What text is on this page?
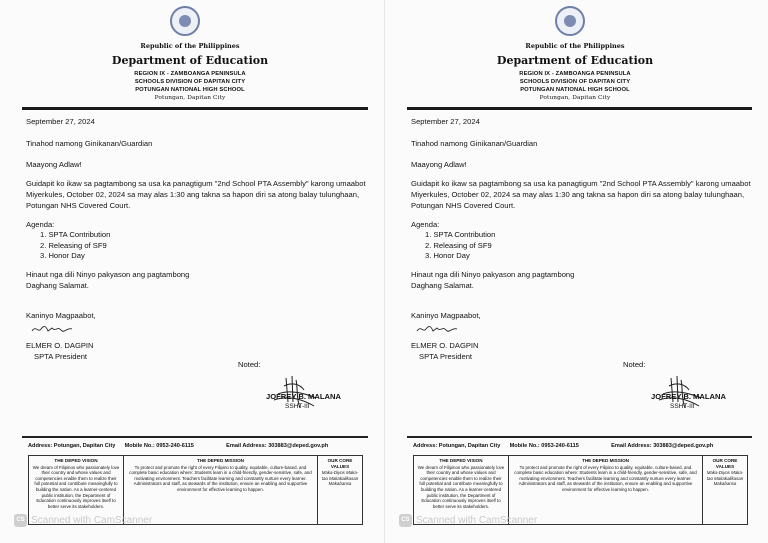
Republic of the Philippines
Department of Education
REGION IX - ZAMBOANGA PENINSULA
SCHOOLS DIVISION OF DAPITAN CITY
POTUNGAN NATIONAL HIGH SCHOOL
Potungan, Dapitan City
September 27, 2024
Tinahod namong Ginikanan/Guardian
Maayong Adlaw!
Guidapit ko ikaw sa pagtambong sa usa ka panagtigum "2nd School PTA Assembly" karong umaabot Miyerkules, October 02, 2024 sa may alas 1:30 ang takna sa hapon diri sa atong balay tulunghaan, Potungan NHS Covered Court.
Agenda:
1. SPTA Contribution
2. Releasing of SF9
3. Honor Day
Hinaut nga dili Ninyo pakyason ang pagtambong
Daghang Salamat.
Kaninyo Magpaabot,
ELMER O. DAGPIN
SPTA President
Noted:
JOFREY B. MALANA
SSHT-III
Address: Potungan, Dapitan City Mobile No.: 0953-240-6115	Email Address: 303883@deped.gov.ph
THE DEPED VISION
We dream of Filipinos who passionately love their country and whose values and competencies enable them to realize their full potential and contribute meaningfully to building the nation. As a learner-centered public institution, the Department of Education continuously improves itself to better serve its stakeholders.
THE DEPED MISSION
To protect and promote the right of every Filipino to quality, equitable, culture-based, and complete basic education where: Students learn in a child-friendly, gender-sensitive, safe, and motivating environment. Teachers facilitate learning and constantly nurture every learner. Administrators and staff, as stewards of the institution, ensure an enabling and supportive environment for effective learning to happen.
OUR CORE VALUES
Maka-Diyos Maka-tao Makakalikasan Makabansa
CS Scanned with CamScanner
Republic of the Philippines
Department of Education
REGION IX - ZAMBOANGA PENINSULA
SCHOOLS DIVISION OF DAPITAN CITY
POTUNGAN NATIONAL HIGH SCHOOL
Potungan, Dapitan City
September 27, 2024
Tinahod namong Ginikanan/Guardian
Maayong Adlaw!
Guidapit ko ikaw sa pagtambong sa usa ka panagtigum "2nd School PTA Assembly" karong umaabot Miyerkules, October 02, 2024 sa may alas 1:30 ang takna sa hapon diri sa atong balay tulunghaan, Potungan NHS Covered Court.
Agenda:
1. SPTA Contribution
2. Releasing of SF9
3. Honor Day
Hinaut nga dili Ninyo pakyason ang pagtambong
Daghang Salamat.
Kaninyo Magpaabot,
ELMER O. DAGPIN
SPTA President
Noted:
JOFREY B. MALANA
SSHT-III
Address: Potungan, Dapitan City Mobile No.: 0953-240-6115	Email Address: 303883@deped.gov.ph
THE DEPED VISION
We dream of Filipinos who passionately love their country and whose values and competencies enable them to realize their full potential and contribute meaningfully to building the nation. As a learner-centered public institution, the Department of Education continuously improves itself to better serve its stakeholders.
THE DEPED MISSION
To protect and promote the right of every Filipino to quality, equitable, culture-based, and complete basic education where: Students learn in a child-friendly, gender-sensitive, safe, and motivating environment. Teachers facilitate learning and constantly nurture every learner. Administrators and staff, as stewards of the institution, ensure an enabling and supportive environment for effective learning to happen.
OUR CORE VALUES
Maka-Diyos Maka-tao Makakalikasan Makabansa
CS Scanned with CamScanner
